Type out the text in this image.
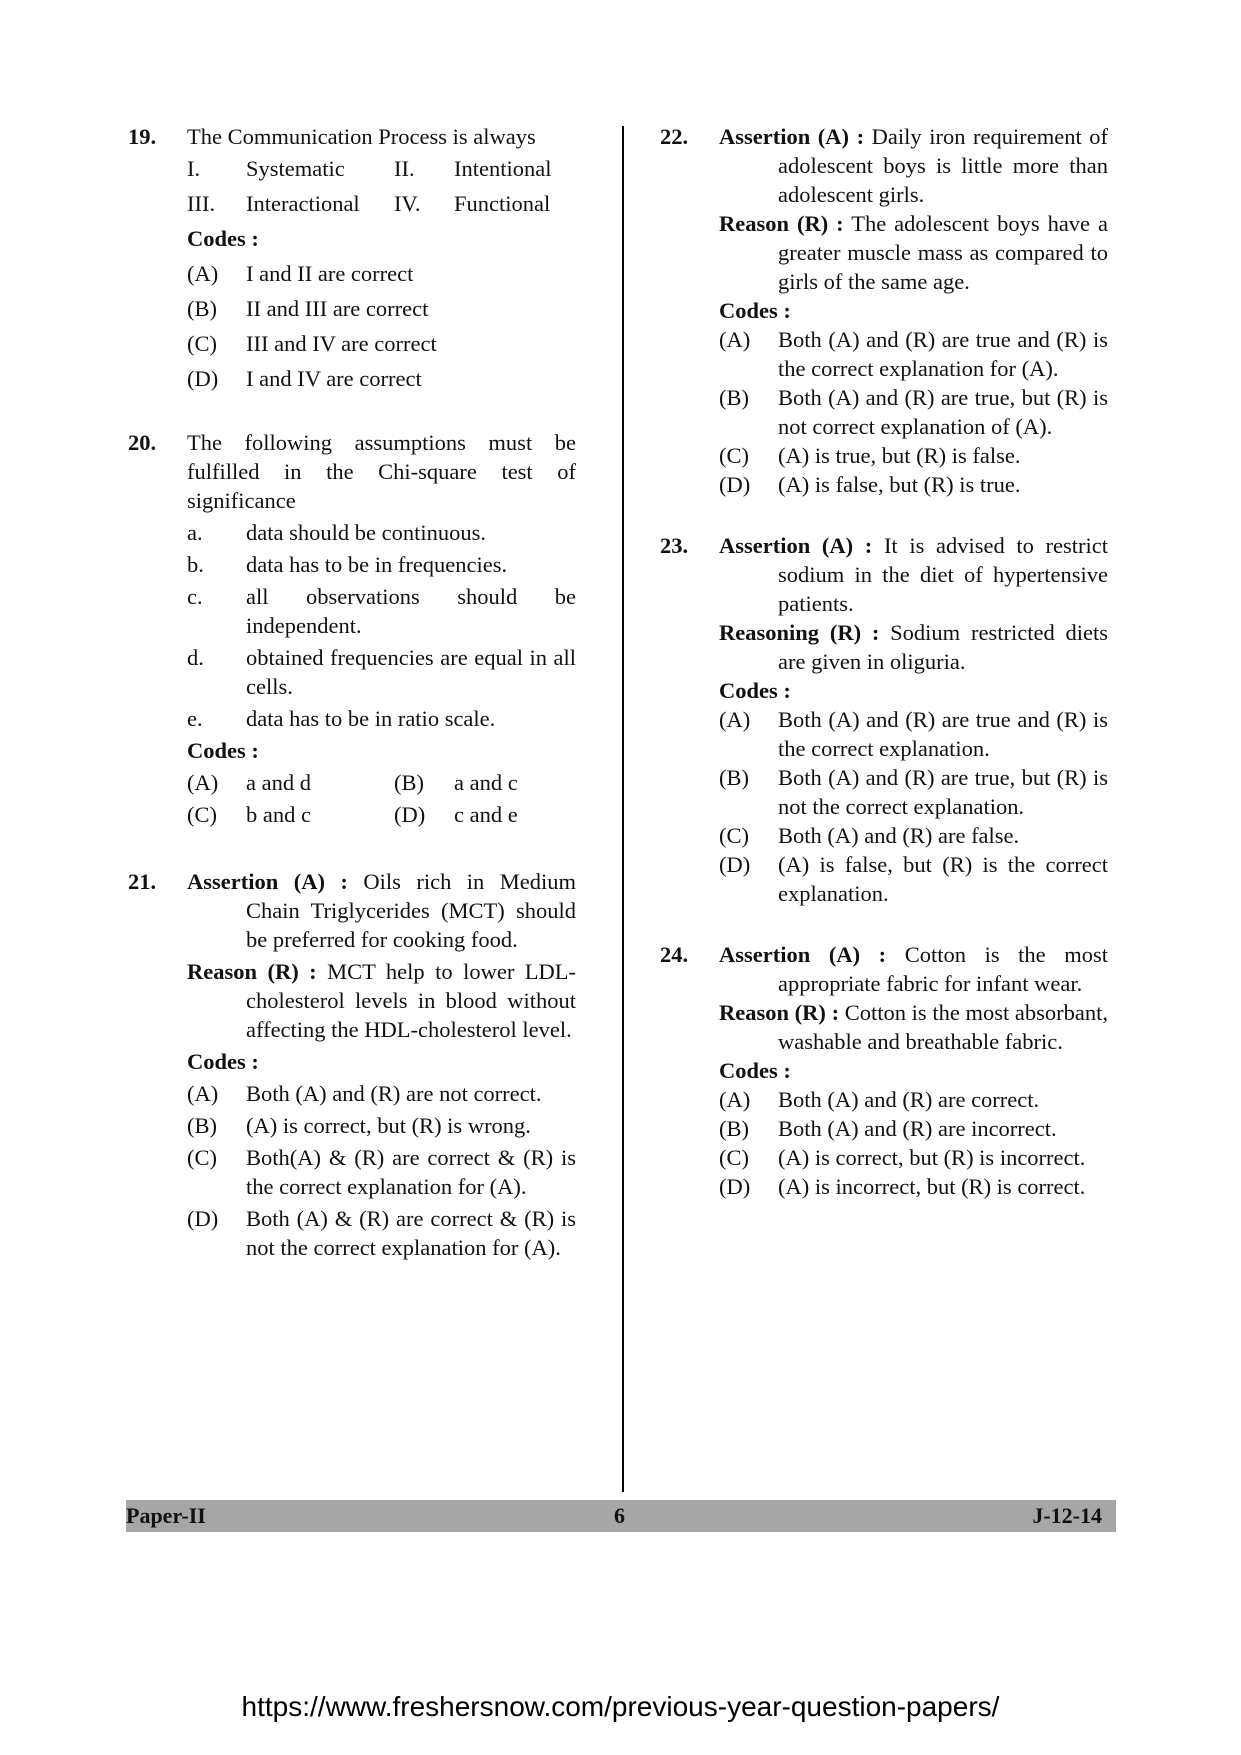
19. The Communication Process is always
I. Systematic II. Intentional
III. Interactional IV. Functional
Codes :
(A) I and II are correct
(B) II and III are correct
(C) III and IV are correct
(D) I and IV are correct
20. The following assumptions must be fulfilled in the Chi-square test of significance
a. data should be continuous.
b. data has to be in frequencies.
c. all observations should be independent.
d. obtained frequencies are equal in all cells.
e. data has to be in ratio scale.
Codes :
(A) a and d	(B) a and c
(C) b and c	(D) c and e
21. Assertion (A) : Oils rich in Medium Chain Triglycerides (MCT) should be preferred for cooking food.
Reason (R) : MCT help to lower LDL-cholesterol levels in blood without affecting the HDL-cholesterol level.
Codes :
(A) Both (A) and (R) are not correct.
(B) (A) is correct, but (R) is wrong.
(C) Both(A) & (R) are correct & (R) is the correct explanation for (A).
(D) Both (A) & (R) are correct & (R) is not the correct explanation for (A).
22. Assertion (A) : Daily iron requirement of adolescent boys is little more than adolescent girls.
Reason (R) : The adolescent boys have a greater muscle mass as compared to girls of the same age.
Codes :
(A) Both (A) and (R) are true and (R) is the correct explanation for (A).
(B) Both (A) and (R) are true, but (R) is not correct explanation of (A).
(C) (A) is true, but (R) is false.
(D) (A) is false, but (R) is true.
23. Assertion (A) : It is advised to restrict sodium in the diet of hypertensive patients.
Reasoning (R) : Sodium restricted diets are given in oliguria.
Codes :
(A) Both (A) and (R) are true and (R) is the correct explanation.
(B) Both (A) and (R) are true, but (R) is not the correct explanation.
(C) Both (A) and (R) are false.
(D) (A) is false, but (R) is the correct explanation.
24. Assertion (A) : Cotton is the most appropriate fabric for infant wear.
Reason (R) : Cotton is the most absorbant, washable and breathable fabric.
Codes :
(A) Both (A) and (R) are correct.
(B) Both (A) and (R) are incorrect.
(C) (A) is correct, but (R) is incorrect.
(D) (A) is incorrect, but (R) is correct.
Paper-II	6	J-12-14
https://www.freshersnow.com/previous-year-question-papers/
